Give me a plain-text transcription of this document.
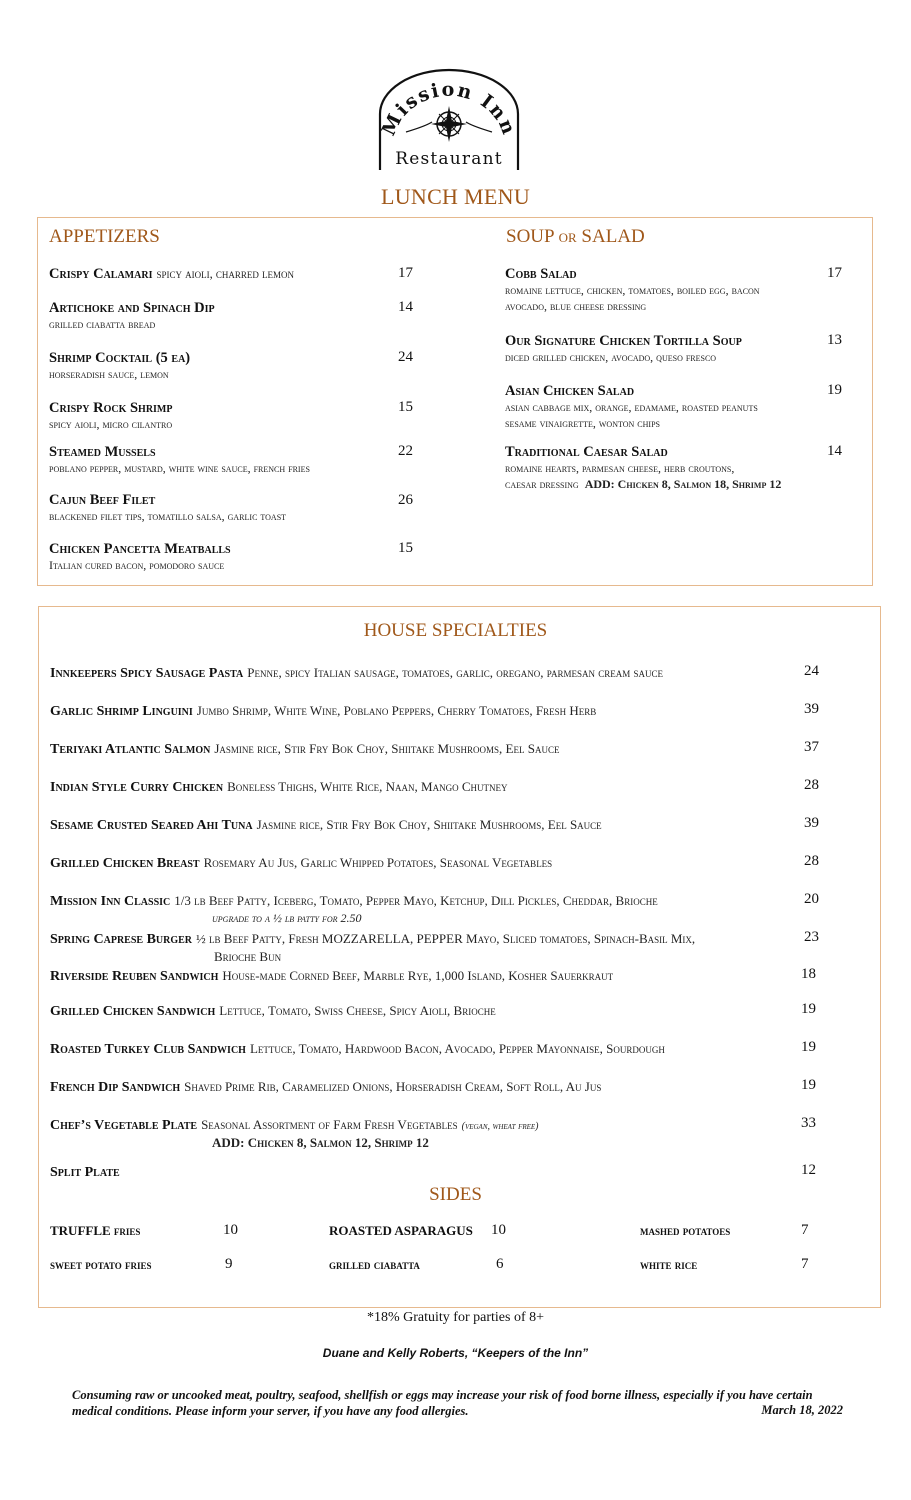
Mission Inn
Restaurant
LUNCH MENU
APPETIZERS	SOUP or SALAD
Crispy Calamari spicy aioli, charred lemon	17
Artichoke and Spinach Dip
grilled ciabatta bread
14
Shrimp Cocktail (5 ea)
horseradish sauce, lemon
24
Crispy Rock Shrimp
spicy aioli, micro cilantro
15
Steamed Mussels
poblano pepper, mustard, white wine sauce, french fries
22
Cajun Beef Filet
blackened filet tips, tomatillo salsa, garlic toast
26
Chicken Pancetta Meatballs
Italian cured bacon, pomodoro sauce
15
Cobb Salad
romaine lettuce, chicken, tomatoes, boiled egg, bacon
avocado, blue cheese dressing
17
Our Signature Chicken Tortilla Soup
diced grilled chicken, avocado, queso fresco
13
Asian Chicken Salad
asian cabbage mix, orange, edamame, roasted peanuts
sesame vinaigrette, wonton chips
19
Traditional Caesar Salad
romaine hearts, parmesan cheese, herb croutons,
caesar dressing ADD: Chicken 8, Salmon 18, Shrimp 12
14
HOUSE SPECIALTIES
Innkeepers Spicy Sausage Pasta Penne, spicy Italian sausage, tomatoes, garlic, oregano, parmesan cream sauce	24
Garlic Shrimp Linguini Jumbo Shrimp, White Wine, Poblano Peppers, Cherry Tomatoes, Fresh Herb	39
Teriyaki Atlantic Salmon Jasmine rice, Stir Fry Bok Choy, Shiitake Mushrooms, Eel Sauce	37
Indian Style Curry Chicken Boneless Thighs, White Rice, Naan, Mango Chutney	28
Sesame Crusted Seared Ahi Tuna Jasmine rice, Stir Fry Bok Choy, Shiitake Mushrooms, Eel Sauce	39
Grilled Chicken Breast Rosemary Au Jus, Garlic Whipped Potatoes, Seasonal Vegetables	28
Mission Inn Classic 1/3 lb Beef Patty, Iceberg, Tomato, Pepper Mayo, Ketchup, Dill Pickles, Cheddar, Brioche	20
upgrade to a ½ lb patty for 2.50
Spring Caprese Burger ½ lb Beef Patty, Fresh MOZZARELLA, PEPPER Mayo, Sliced tomatoes, Spinach-Basil Mix,	23
Brioche Bun
Riverside Reuben Sandwich House-made Corned Beef, Marble Rye, 1,000 Island, Kosher Sauerkraut	18
Grilled Chicken Sandwich Lettuce, Tomato, Swiss Cheese, Spicy Aioli, Brioche	19
Roasted Turkey Club Sandwich Lettuce, Tomato, Hardwood Bacon, Avocado, Pepper Mayonnaise, Sourdough	19
French Dip Sandwich Shaved Prime Rib, Caramelized Onions, Horseradish Cream, Soft Roll, Au Jus	19
Chef’s Vegetable Plate Seasonal Assortment of Farm Fresh Vegetables (vegan, wheat free)	33
ADD: Chicken 8, Salmon 12, Shrimp 12
Split Plate	12
SIDES
TRUFFLE fries	10	ROASTED ASPARAGUS 10	mashed potatoes	7
sweet potato fries	9	grilled ciabatta	6	white rice	7
*18% Gratuity for parties of 8+
Duane and Kelly Roberts, “Keepers of the Inn”
Consuming raw or uncooked meat, poultry, seafood, shellfish or eggs may increase your risk of food borne illness, especially if you have certain medical conditions. Please inform your server, if you have any food allergies.	March 18, 2022
